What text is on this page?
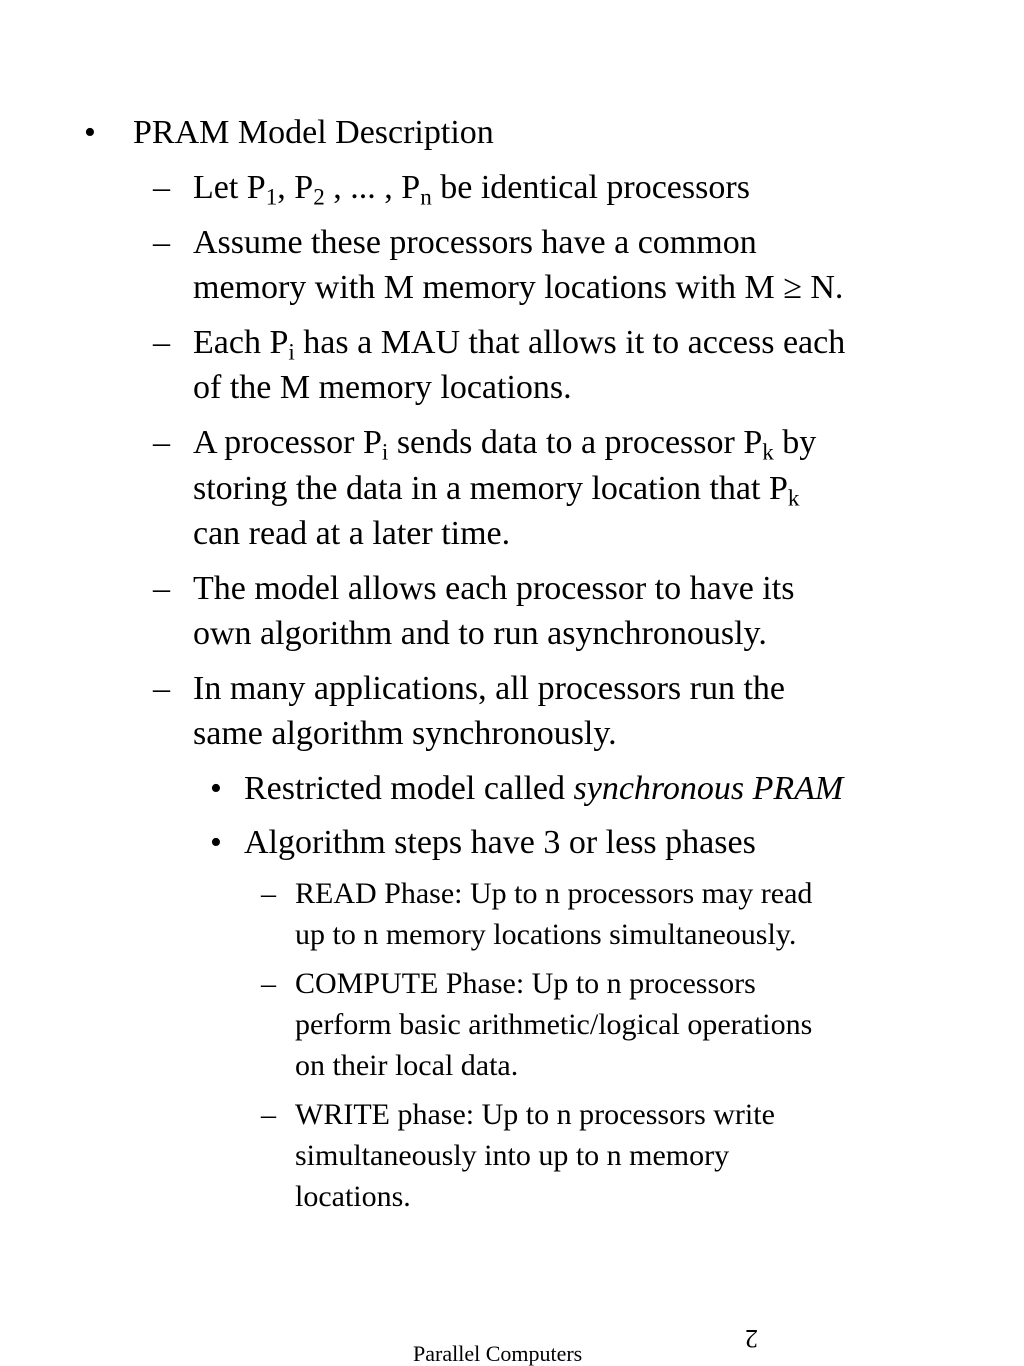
• PRAM Model Description
– Let $P_1$, $P_2$ , ... , $P_n$ be identical processors
– Assume these processors have a common
memory with M memory locations with M ≥ N.
– Each $P_i$ has a MAU that allows it to access each
of the M memory locations.
– A processor $P_i$ sends data to a processor $P_k$ by
storing the data in a memory location that $P_k$
can read at a later time.
– The model allows each processor to have its
own algorithm and to run asynchronously.
– In many applications, all processors run the
same algorithm synchronously.
• Restricted model called synchronous PRAM
• Algorithm steps have 3 or less phases
– READ Phase: Up to n processors may read
up to n memory locations simultaneously.
– COMPUTE Phase: Up to n processors
perform basic arithmetic/logical operations
on their local data.
– WRITE phase: Up to n processors write
simultaneously into up to n memory
locations.
2
Parallel Computers
